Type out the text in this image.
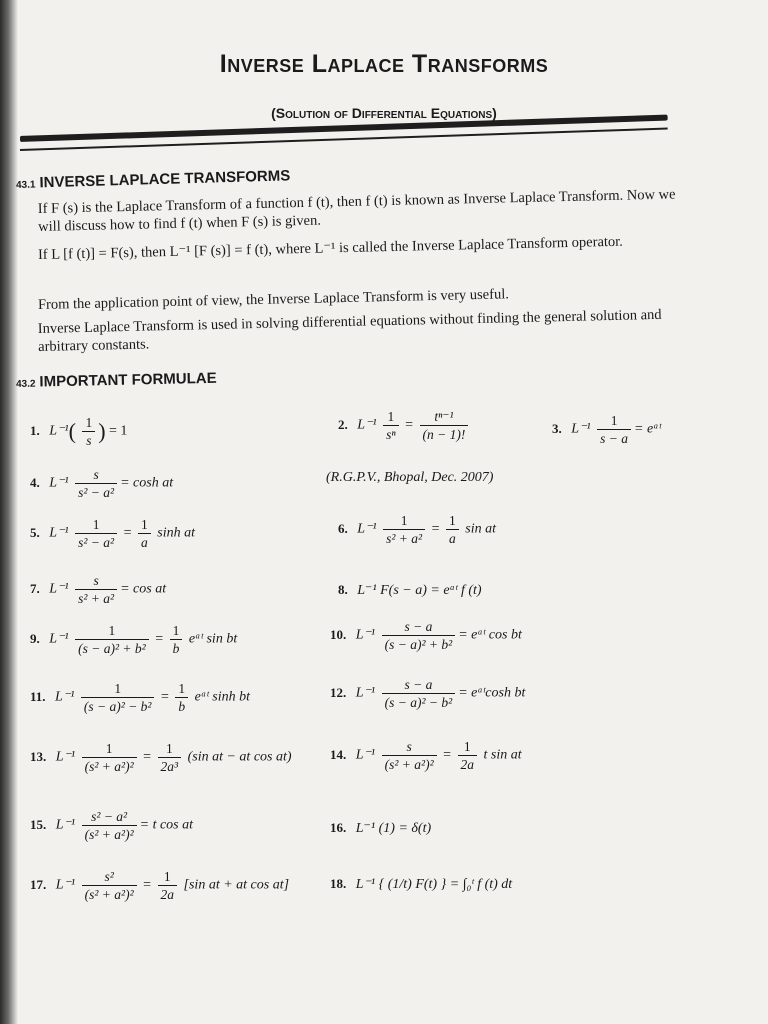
Inverse Laplace Transforms
(Solution of Differential Equations)
43.1 INVERSE LAPLACE TRANSFORMS
If F (s) is the Laplace Transform of a function f (t), then f (t) is known as Inverse Laplace Transform. Now we will discuss how to find f (t) when F (s) is given.
If L [f (t)] = F(s), then L⁻¹ [F (s)] = f (t), where L⁻¹ is called the Inverse Laplace Transform operator.
From the application point of view, the Inverse Laplace Transform is very useful.
Inverse Laplace Transform is used in solving differential equations without finding the general solution and arbitrary constants.
43.2 IMPORTANT FORMULAE
1. $L^{-1}( \frac{1}{s}$ ) = 1	2. $L^{-1} \frac{1}{\text{sⁿ}} = \frac{\text{tⁿ⁻¹}}{(n - 1)!}$	3. $L^{-1} \frac{1}{s - a}$ = eᵃᵗ
4. $L^{-1} \frac{s}{\text{s² − a²}} = \cosh$ at	(R.G.P.V., Bhopal, Dec. 2007)
5. $L^{-1} \frac{1}{\text{s² − a²}} = \frac{1}{a}$ sinh at	6. $L^{-1} \frac{1}{\text{s² + a²}} = \frac{1}{a}$ sin at
7. $L^{-1} \frac{s}{\text{s² + a²}} = \cos$ at	8. L⁻¹ F(s − a) = eᵃᵗ f (t)
9. $L^{-1} \frac{1}{\text{(s − a)² + b²}} = \frac{1}{b}$ eᵃᵗ sin bt	10. $L^{-1} \frac{s - a}{\text{(s − a)² + b²}}$ = eᵃᵗ cos bt
11. $L^{-1} \frac{1}{\text{(s − a)² − b²}} = \frac{1}{b}$ eᵃᵗ sinh bt	12. $L^{-1} \frac{s - a}{\text{(s − a)² − b²}}$ = eᵃᵗcosh bt
13. $L^{-1} \frac{1}{\text{(s² + a²)²}} = \frac{1}{\text{2a³}} (\sin$ at − at cos at)	14. $L^{-1} \frac{s}{\text{(s² + a²)²}} = \frac{1}{2a}$ t sin at
15. $L^{-1} \frac{\text{s² − a²}}{\text{(s² + a²)²}} = t$ cos at	16. L⁻¹ (1) = δ(t)
17. $L^{-1} \frac{\text{s²}}{\text{(s² + a²)²}} = \frac{1}{2a} [\sin$ at + at cos at]	18. L⁻¹ { (1/t) F(t) } = ∫₀ᵗ f (t) dt
